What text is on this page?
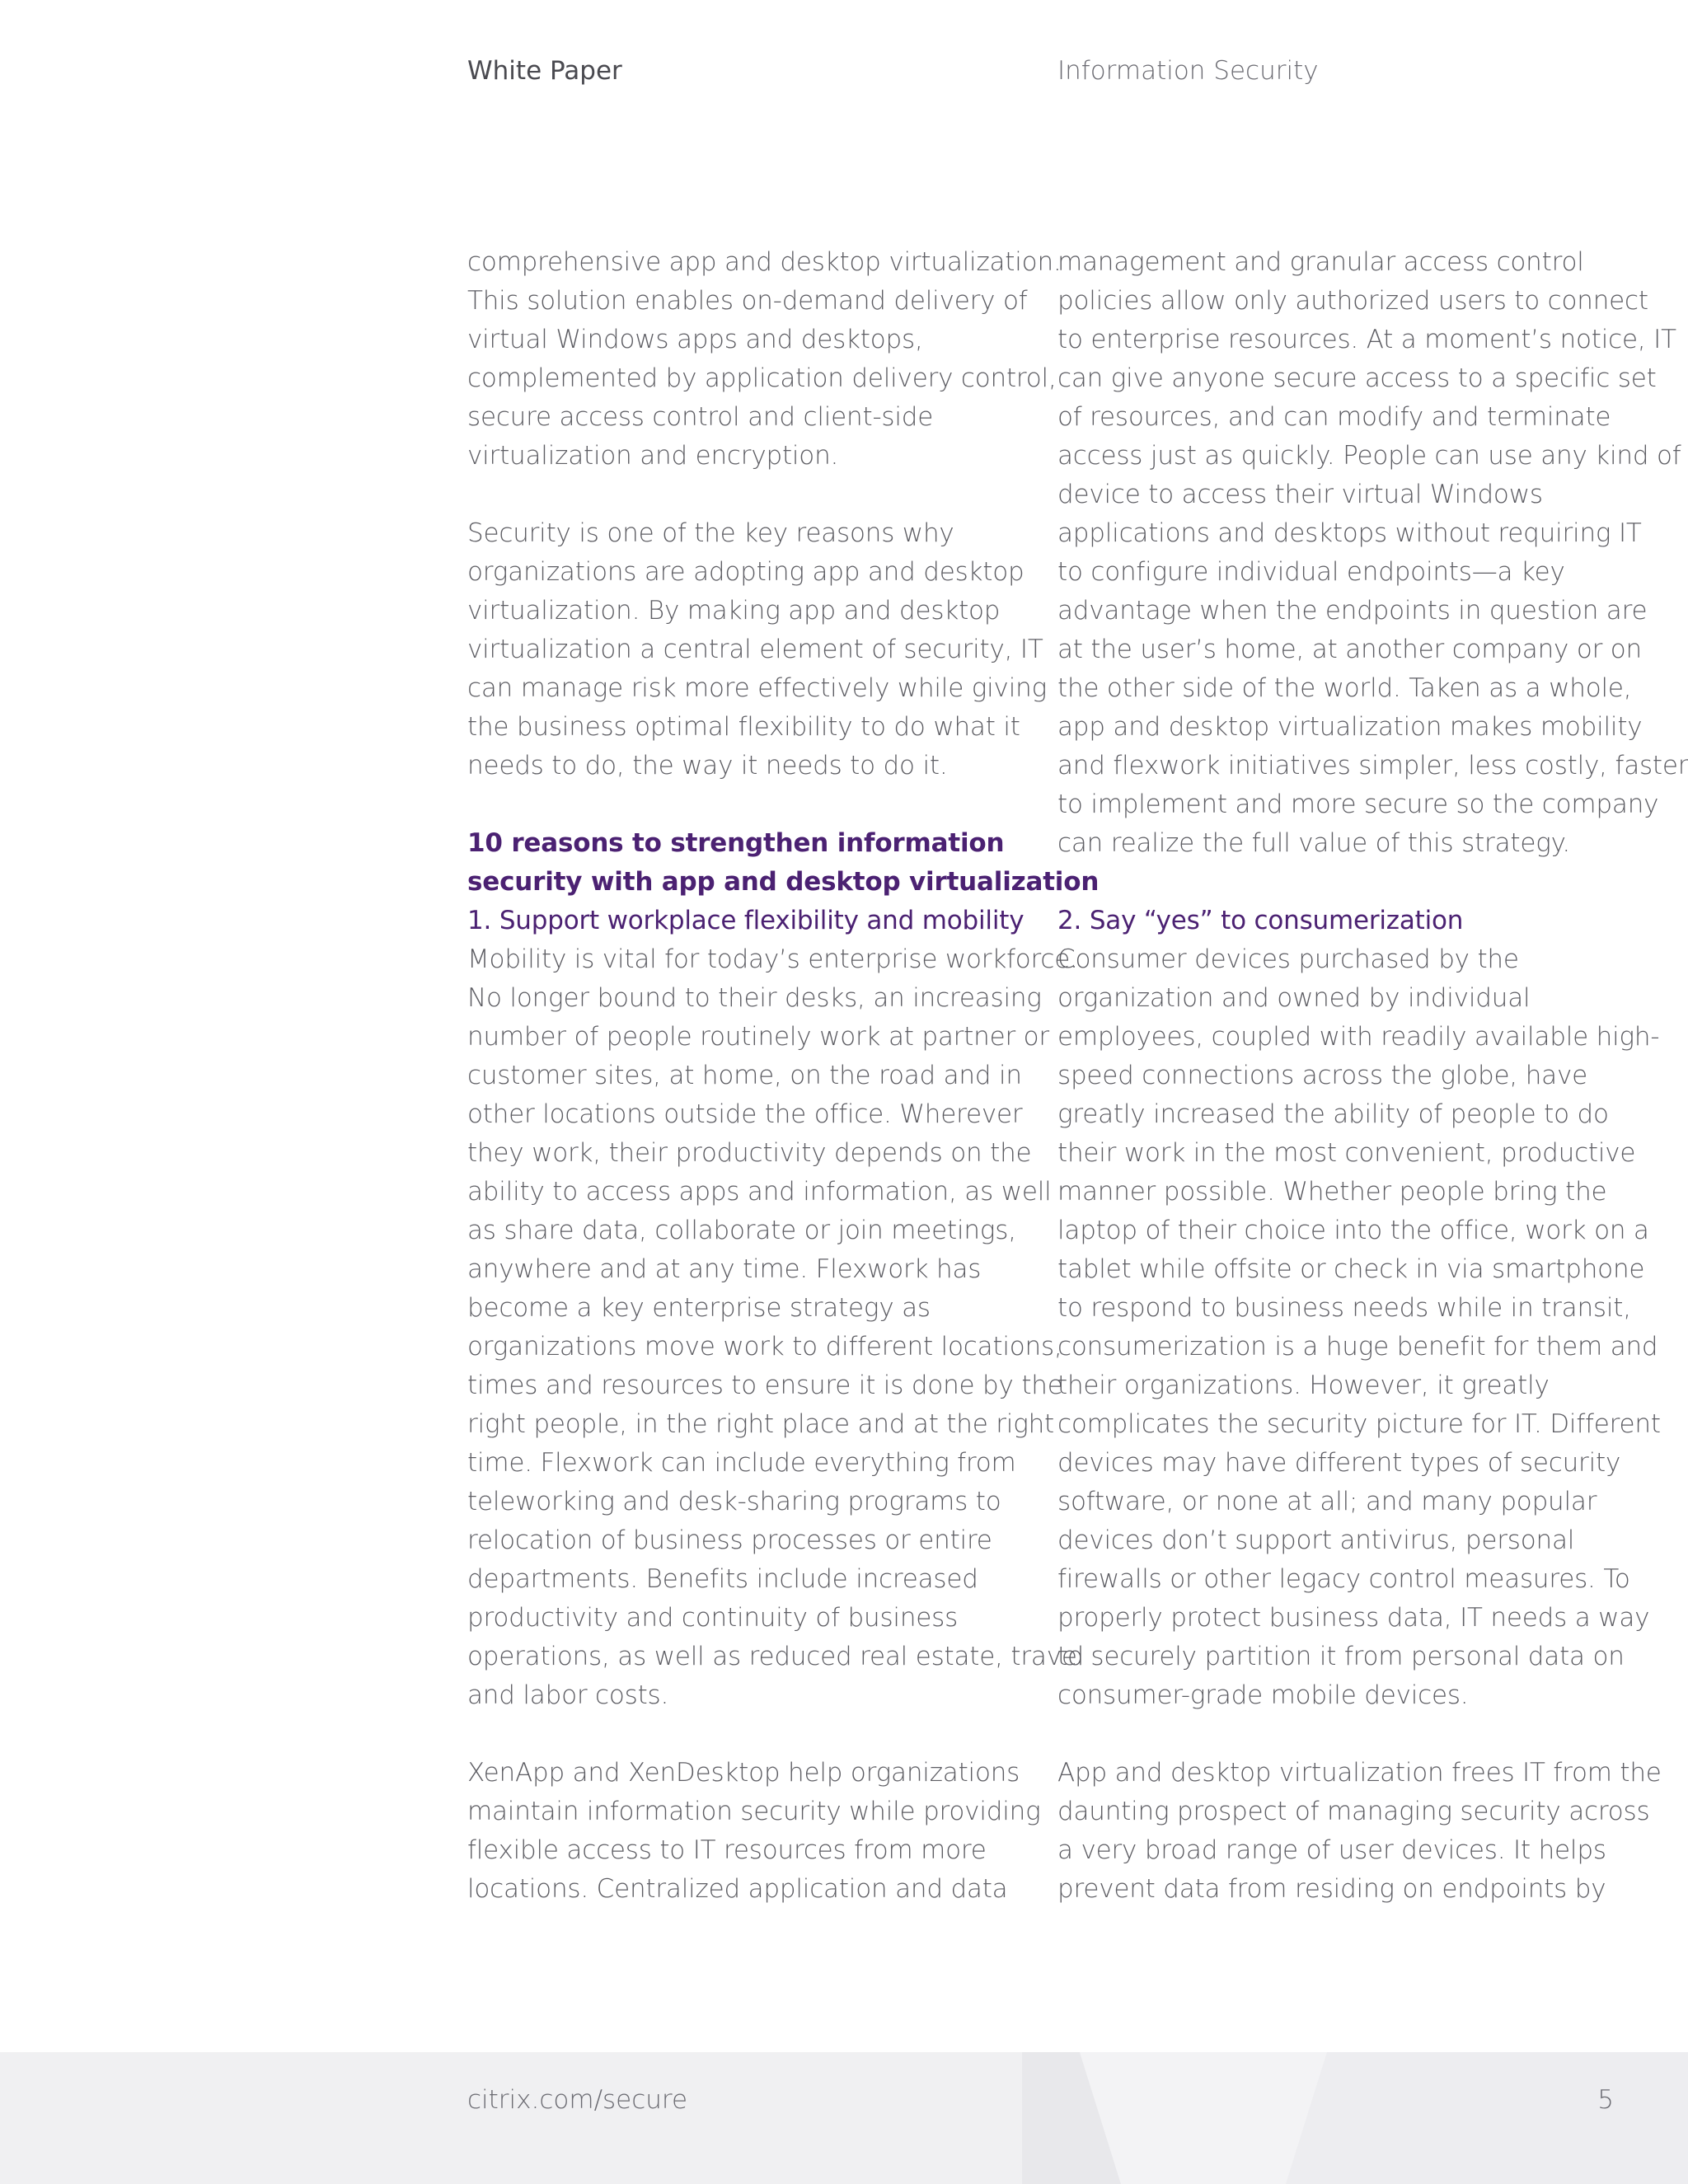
White Paper	Information Security

comprehensive app and desktop virtualization.

This solution enables on-demand delivery of

virtual Windows apps and desktops,

complemented by application delivery control,

secure access control and client-side

virtualization and encryption.

Security is one of the key reasons why

organizations are adopting app and desktop

virtualization. By making app and desktop

virtualization a central element of security, IT

can manage risk more effectively while giving

the business optimal flexibility to do what it

needs to do, the way it needs to do it.

10 reasons to strengthen information

security with app and desktop virtualization

1. Support workplace flexibility and mobility

Mobility is vital for today’s enterprise workforce.

No longer bound to their desks, an increasing

number of people routinely work at partner or

customer sites, at home, on the road and in

other locations outside the office. Wherever

they work, their productivity depends on the

ability to access apps and information, as well

as share data, collaborate or join meetings,

anywhere and at any time. Flexwork has

become a key enterprise strategy as

organizations move work to different locations,

times and resources to ensure it is done by the

right people, in the right place and at the right

time. Flexwork can include everything from

teleworking and desk-sharing programs to

relocation of business processes or entire

departments. Benefits include increased

productivity and continuity of business

operations, as well as reduced real estate, travel

and labor costs.

XenApp and XenDesktop help organizations

maintain information security while providing

flexible access to IT resources from more

locations. Centralized application and data

management and granular access control

policies allow only authorized users to connect

to enterprise resources. At a moment’s notice, IT

can give anyone secure access to a specific set

of resources, and can modify and terminate

access just as quickly. People can use any kind of

device to access their virtual Windows

applications and desktops without requiring IT

to configure individual endpoints—a key

advantage when the endpoints in question are

at the user’s home, at another company or on

the other side of the world. Taken as a whole,

app and desktop virtualization makes mobility

and flexwork initiatives simpler, less costly, faster

to implement and more secure so the company

can realize the full value of this strategy.

2. Say “yes” to consumerization

Consumer devices purchased by the

organization and owned by individual

employees, coupled with readily available high-

speed connections across the globe, have

greatly increased the ability of people to do

their work in the most convenient, productive

manner possible. Whether people bring the

laptop of their choice into the office, work on a

tablet while offsite or check in via smartphone

to respond to business needs while in transit,

consumerization is a huge benefit for them and

their organizations. However, it greatly

complicates the security picture for IT. Different

devices may have different types of security

software, or none at all; and many popular

devices don’t support antivirus, personal

firewalls or other legacy control measures. To

properly protect business data, IT needs a way

to securely partition it from personal data on

consumer-grade mobile devices.

App and desktop virtualization frees IT from the

daunting prospect of managing security across

a very broad range of user devices. It helps

prevent data from residing on endpoints by

citrix.com/secure	5
